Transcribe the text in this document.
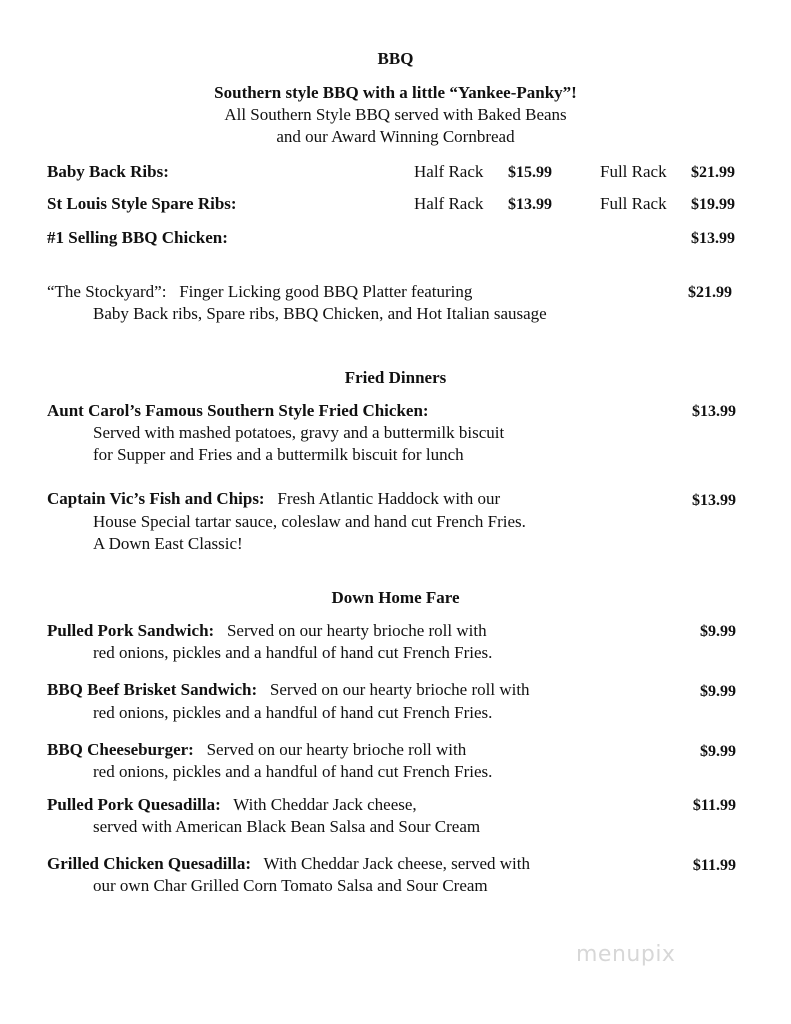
BBQ
Southern style BBQ with a little “Yankee-Panky”!
All Southern Style BBQ served with Baked Beans
and our Award Winning Cornbread
Baby Back Ribs:	Half Rack	$15.99	Full Rack	$21.99
St Louis Style Spare Ribs:	Half Rack	$13.99	Full Rack	$19.99
#1 Selling BBQ Chicken:	$13.99
“The Stockyard”: Finger Licking good BBQ Platter featuring
Baby Back ribs, Spare ribs, BBQ Chicken, and Hot Italian sausage
$21.99
Fried Dinners
Aunt Carol’s Famous Southern Style Fried Chicken:
Served with mashed potatoes, gravy and a buttermilk biscuit
for Supper and Fries and a buttermilk biscuit for lunch
$13.99
Captain Vic’s Fish and Chips: Fresh Atlantic Haddock with our
House Special tartar sauce, coleslaw and hand cut French Fries.
A Down East Classic!
$13.99
Down Home Fare
Pulled Pork Sandwich: Served on our hearty brioche roll with
red onions, pickles and a handful of hand cut French Fries.
$9.99
BBQ Beef Brisket Sandwich: Served on our hearty brioche roll with
red onions, pickles and a handful of hand cut French Fries.
$9.99
BBQ Cheeseburger: Served on our hearty brioche roll with
red onions, pickles and a handful of hand cut French Fries.
$9.99
Pulled Pork Quesadilla: With Cheddar Jack cheese,
served with American Black Bean Salsa and Sour Cream
$11.99
Grilled Chicken Quesadilla: With Cheddar Jack cheese, served with
our own Char Grilled Corn Tomato Salsa and Sour Cream
$11.99
menupix
